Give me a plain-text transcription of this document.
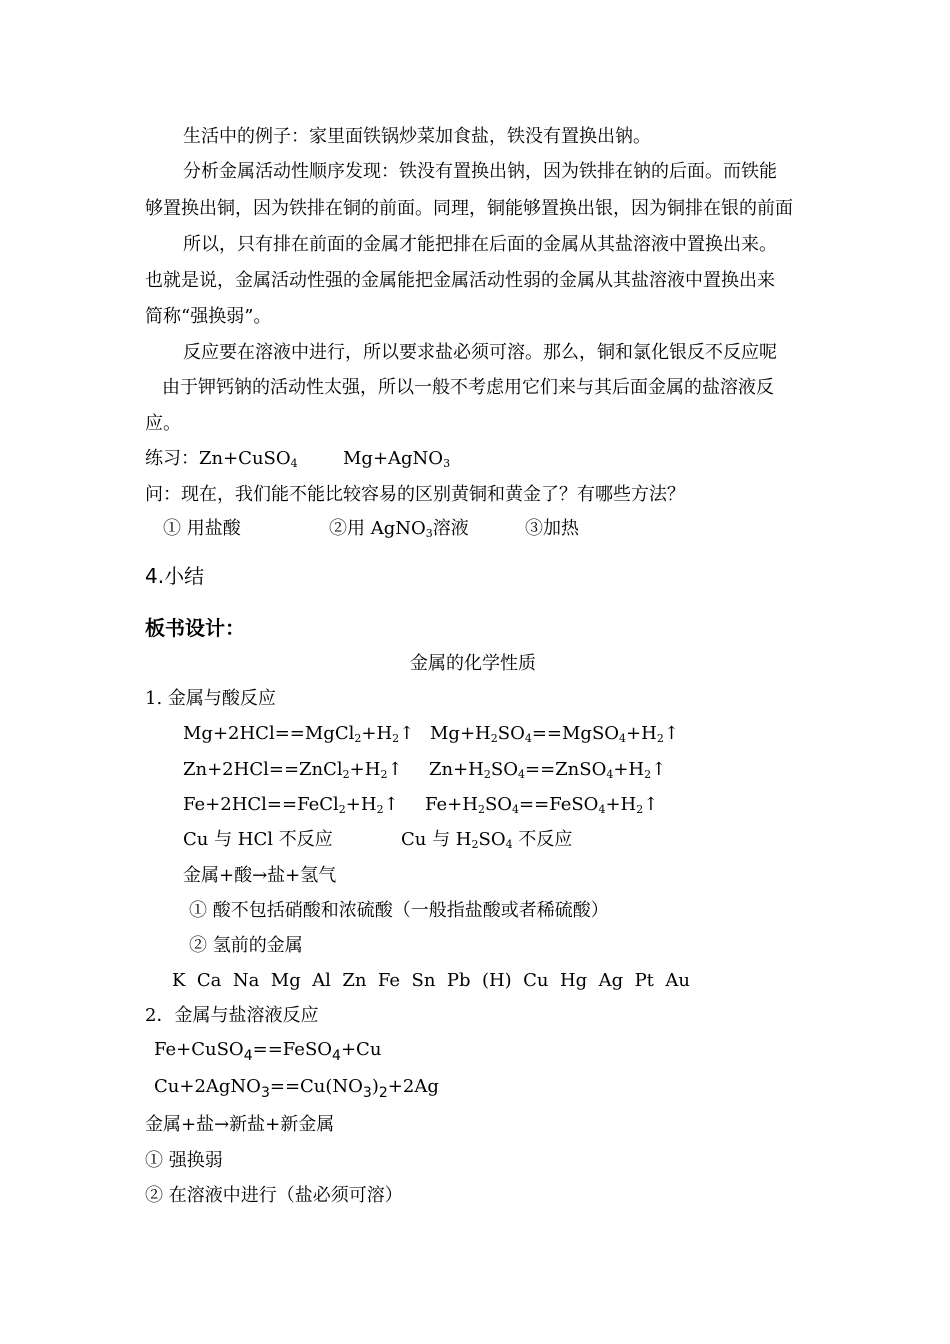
生活中的例子：家里面铁锅炒菜加食盐，铁没有置换出钠。
分析金属活动性顺序发现：铁没有置换出钠，因为铁排在钠的后面。而铁能
够置换出铜，因为铁排在铜的前面。同理，铜能够置换出银，因为铜排在银的前面
所以，只有排在前面的金属才能把排在后面的金属从其盐溶液中置换出来。
也就是说，金属活动性强的金属能把金属活动性弱的金属从其盐溶液中置换出来
简称“强换弱”。
反应要在溶液中进行，所以要求盐必须可溶。那么，铜和氯化银反不反应呢
由于钾钙钠的活动性太强，所以一般不考虑用它们来与其后面金属的盐溶液反
应。
练习：Zn+CuSO$_4$	Mg+AgNO$_3$
问：现在，我们能不能比较容易的区别黄铜和黄金了？有哪些方法？
① 用盐酸	②用 AgNO$_3$溶液	③加热
4.小结
板书设计：
金属的化学性质
1. 金属与酸反应
$Mg+2HCl==MgCl_2+H_2↑$ $Mg+H_2SO_4==MgSO_4+H_2↑$
$Zn+2HCl==ZnCl_2+H_2↑$ $Zn+H_2SO_4==ZnSO_4+H_2↑$
$Fe+2HCl==FeCl_2+H_2↑$ $Fe+H_2SO_4==FeSO_4+H_2↑$
Cu 与 HCl 不反应	Cu 与 $H_2SO_4$ 不反应
金属+酸→盐+氢气
① 酸不包括硝酸和浓硫酸（一般指盐酸或者稀硫酸）
② 氢前的金属
K  Ca  Na  Mg  Al  Zn  Fe  Sn  Pb  (H)  Cu  Hg  Ag  Pt  Au
2．金属与盐溶液反应
Fe+CuSO$_4$==FeSO$_4$+Cu
$Cu+2AgNO_3==Cu(NO_3)_2+2Ag$
金属+盐→新盐+新金属
① 强换弱
② 在溶液中进行（盐必须可溶）
